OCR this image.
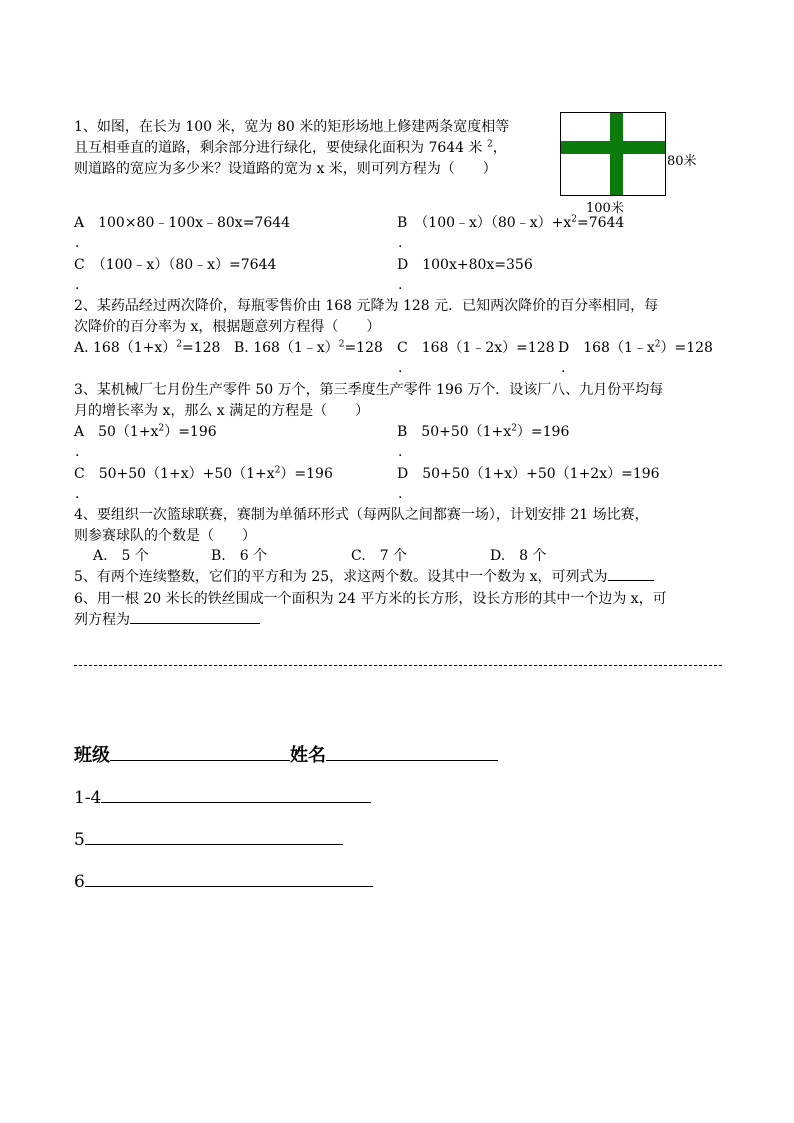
1、如图，在长为 100 米，宽为 80 米的矩形场地上修建两条宽度相等
且互相垂直的道路，剩余部分进行绿化，要使绿化面积为 7644 米 $^2$，
则道路的宽应为多少米？设道路的宽为 x 米，则可列方程为（　　）	80米
100米
A　100×80﹣100x﹣80x=7644	B　$(100﹣x)(80﹣x)+x^2=7644$
.	.
C　（100﹣x）（80﹣x）=7644	D　100x+80x=356
.	.
2、某药品经过两次降价，每瓶零售价由 168 元降为 128 元．已知两次降价的百分率相同，每
次降价的百分率为 x，根据题意列方程得（　　）
A. $168(1+x)^2=128$ B. 168（1﹣x）$^2$=128 C　168（1﹣2x）=128 D　$168(1﹣x^2)=128$
.	.
3、某机械厂七月份生产零件 50 万个，第三季度生产零件 196 万个．设该厂八、九月份平均每
月的增长率为 x，那么 x 满足的方程是（　　）
A　$50(1+x^2)=196$	B　$50+50(1+x^2)=196$
.	.
C　$50+50(1+x)+50(1+x^2)=196$	D　50+50（1+x）+50（1+2x）=196
.	.
4、要组织一次篮球联赛，赛制为单循环形式（每两队之间都赛一场），计划安排 21 场比赛，
则参赛球队的个数是（　　）
A.　5 个	B.　6 个	C.　7 个	D.　8 个
5、有两个连续整数，它们的平方和为 25，求这两个数。设其中一个数为 x，可列式为
6、用一根 20 米长的铁丝围成一个面积为 24 平方米的长方形，设长方形的其中一个边为 x，可
列方程为
班级	姓名
1-4
5
6
